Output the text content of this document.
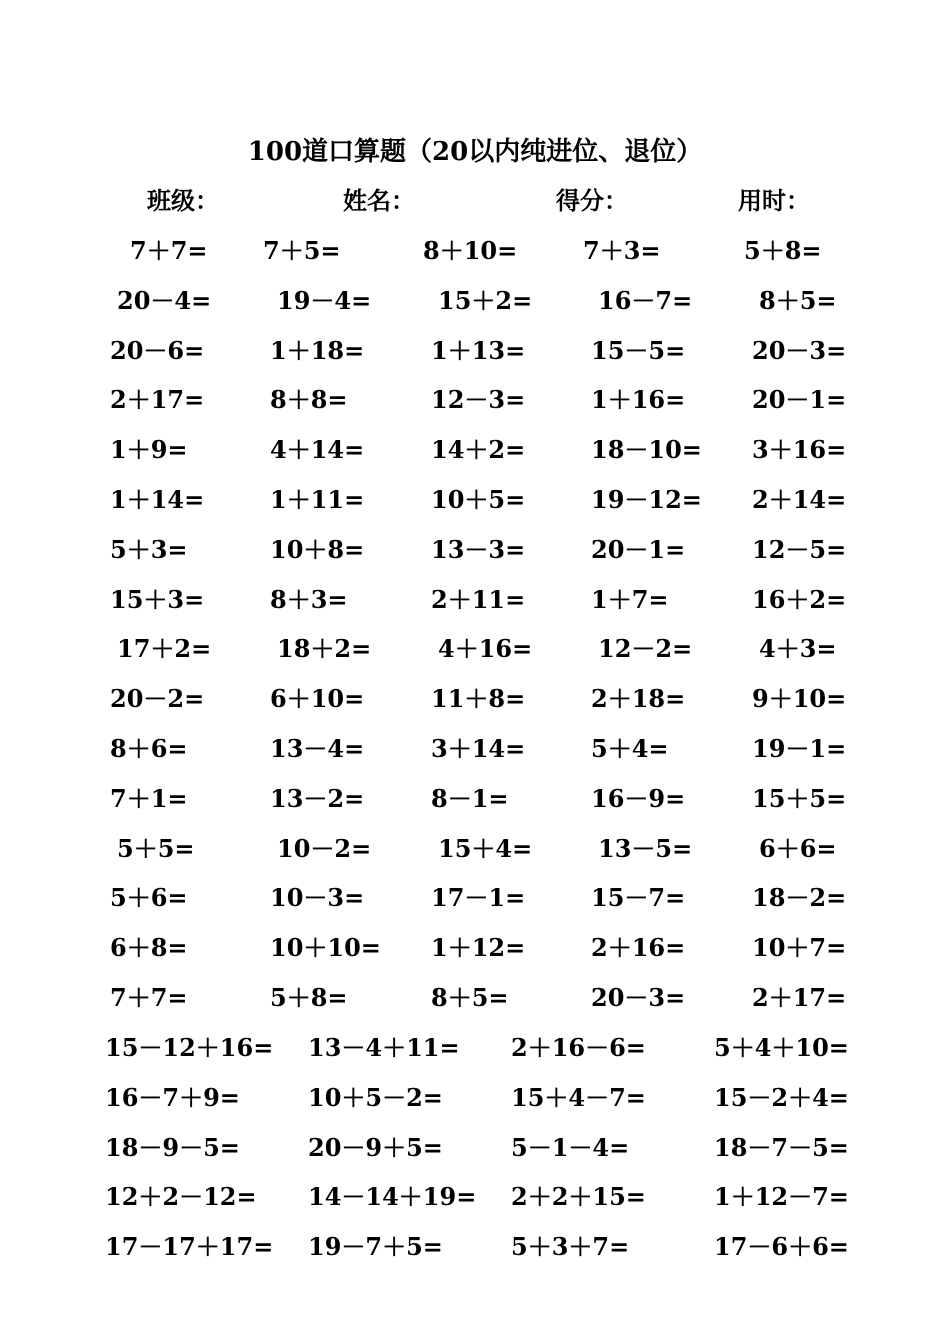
100道口算题（20以内纯进位、退位）
班级：	姓名：	得分：	用时：
7＋7= 7＋5=	8＋10=	7＋3=	5＋8=
20－4=	19－4=	15＋2=	16－7=	8＋5=
20－6=	1＋18=	1＋13=	15－5=	20－3=
2＋17=	8＋8=	12－3=	1＋16=	20－1=
1＋9=	4＋14=	14＋2=	18－10= 3＋16=
1＋14=	1＋11=	10＋5=	19－12= 2＋14=
5＋3=	10＋8=	13－3=	20－1=	12－5=
15＋3=	8＋3=	2＋11=	1＋7=	16＋2=
17＋2=	18＋2=	4＋16=	12－2=	4＋3=
20－2=	6＋10=	11＋8=	2＋18=	9＋10=
8＋6=	13－4=	3＋14=	5＋4=	19－1=
7＋1=	13－2=	8－1=	16－9=	15＋5=
5＋5=	10－2=	15＋4=	13－5=	6＋6=
5＋6=	10－3=	17－1=	15－7=	18－2=
6＋8=	10＋10= 1＋12=	2＋16=	10＋7=
7＋7=	5＋8=	8＋5=	20－3=	2＋17=
15－12＋16= 13－4＋11= 2＋16－6=	5＋4＋10=
16－7＋9=	10＋5－2=	15＋4－7=	15－2＋4=
18－9－5=	20－9＋5=	5－1－4=	18－7－5=
12＋2－12= 14－14＋19= 2＋2＋15=	1＋12－7=
17－17＋17= 19－7＋5=	5＋3＋7=	17－6＋6=
